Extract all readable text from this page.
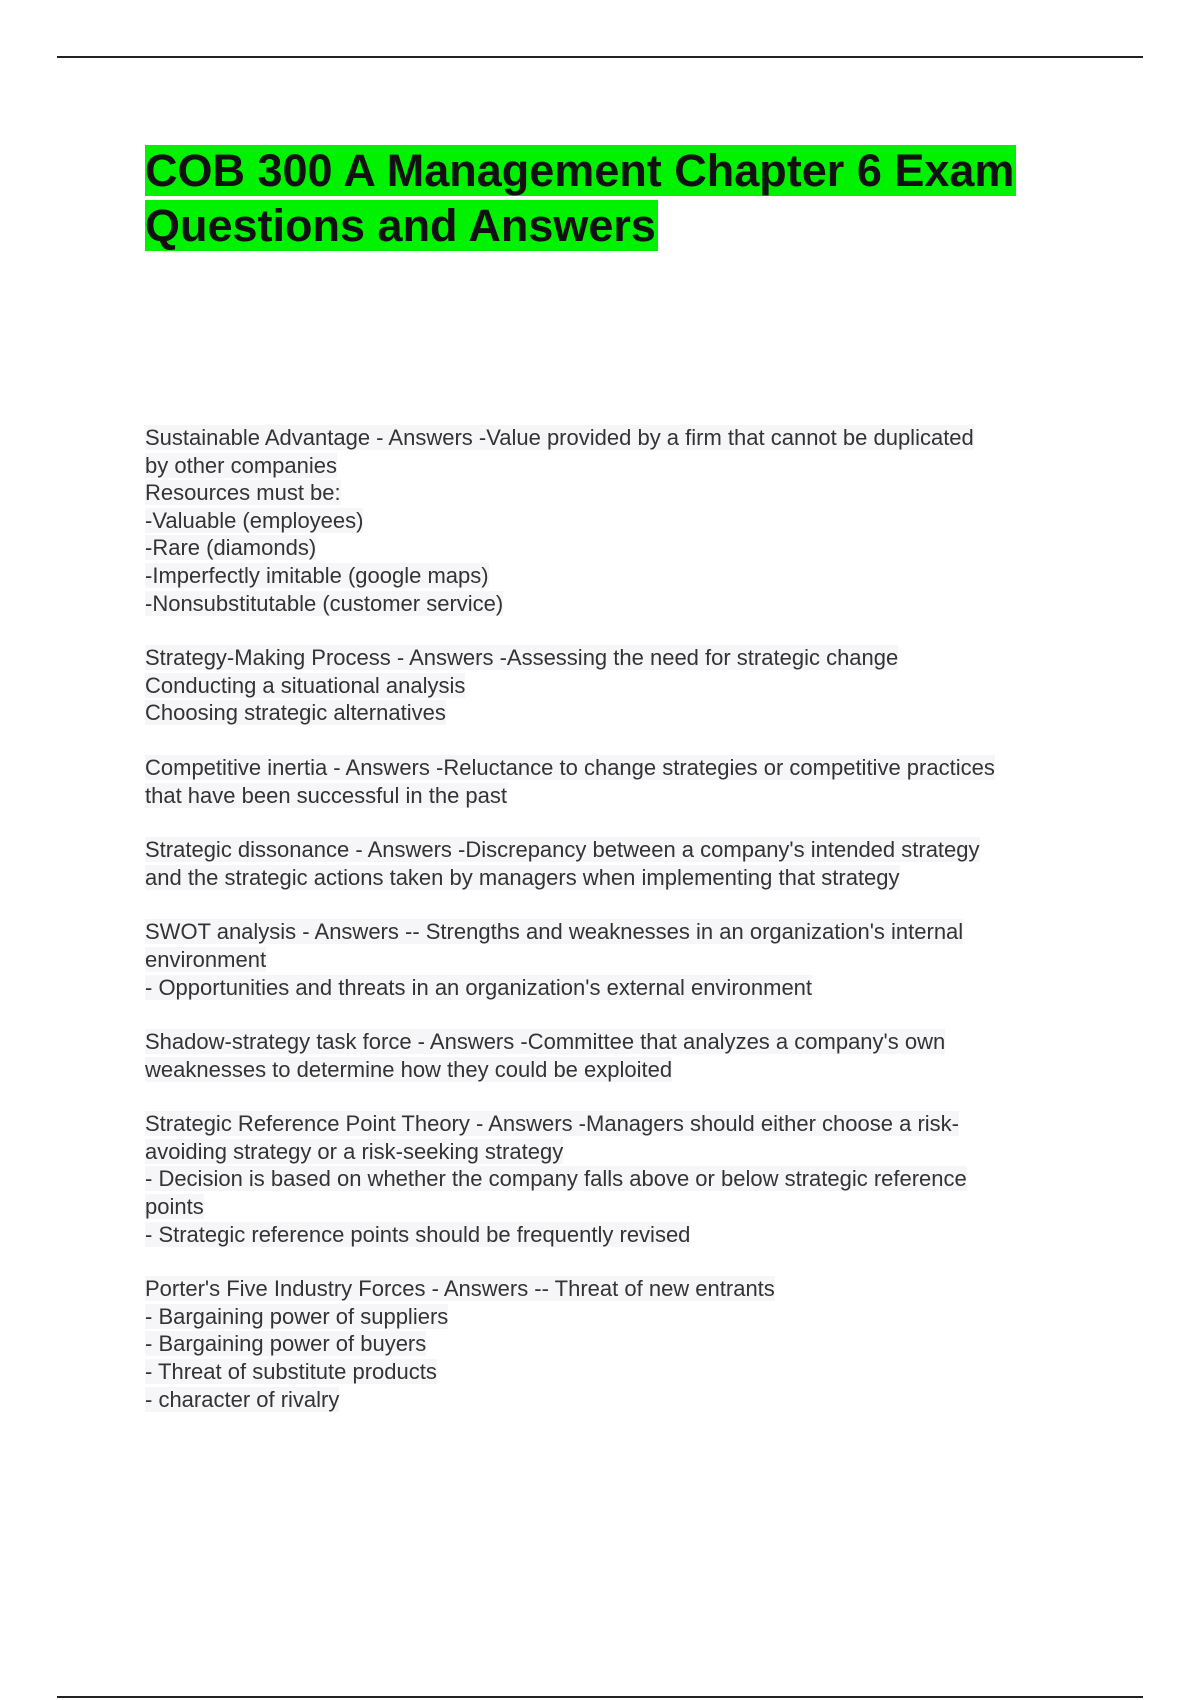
COB 300 A Management Chapter 6 Exam
Questions and Answers
Sustainable Advantage - Answers -Value provided by a firm that cannot be duplicated
by other companies
Resources must be:
-Valuable (employees)
-Rare (diamonds)
-Imperfectly imitable (google maps)
-Nonsubstitutable (customer service)
Strategy-Making Process - Answers -Assessing the need for strategic change
Conducting a situational analysis
Choosing strategic alternatives
Competitive inertia - Answers -Reluctance to change strategies or competitive practices
that have been successful in the past
Strategic dissonance - Answers -Discrepancy between a company's intended strategy
and the strategic actions taken by managers when implementing that strategy
SWOT analysis - Answers -- Strengths and weaknesses in an organization's internal
environment
- Opportunities and threats in an organization's external environment
Shadow-strategy task force - Answers -Committee that analyzes a company's own
weaknesses to determine how they could be exploited
Strategic Reference Point Theory - Answers -Managers should either choose a risk-
avoiding strategy or a risk-seeking strategy
- Decision is based on whether the company falls above or below strategic reference
points
- Strategic reference points should be frequently revised
Porter's Five Industry Forces - Answers -- Threat of new entrants
- Bargaining power of suppliers
- Bargaining power of buyers
- Threat of substitute products
- character of rivalry
